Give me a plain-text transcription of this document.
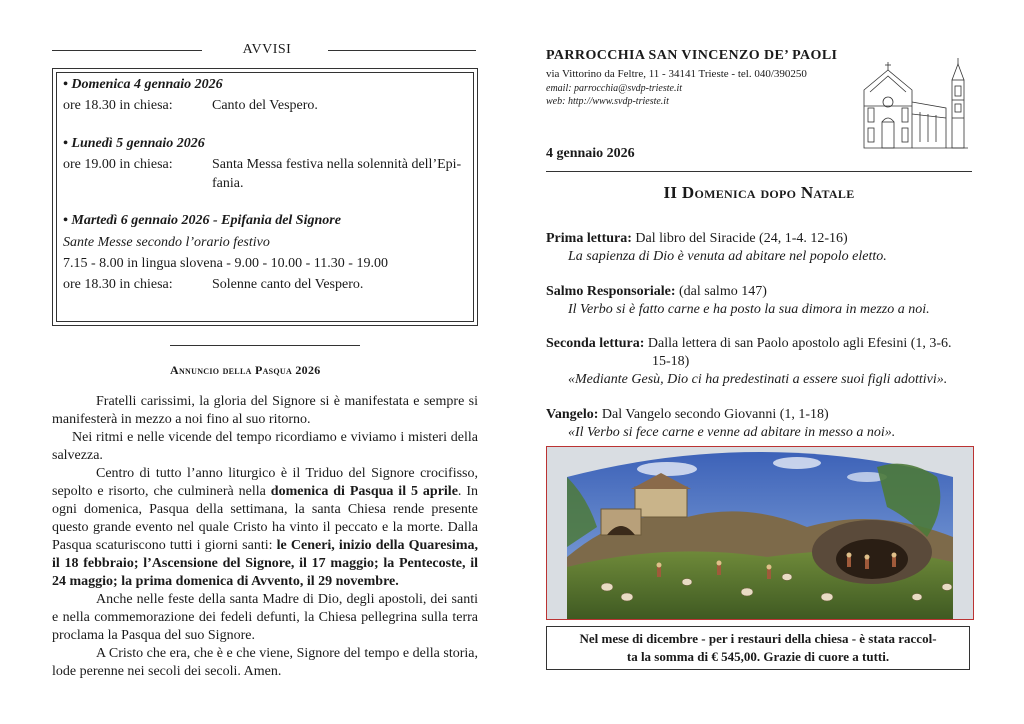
AVVISI
• Domenica 4 gennaio 2026
ore 18.30 in chiesa:	Canto del Vespero.
• Lunedì 5 gennaio 2026
ore 19.00 in chiesa:	Santa Messa festiva nella solennità dell’Epi-
fania.
• Martedì 6 gennaio 2026 - Epifania del Signore
Sante Messe secondo l’orario festivo
7.15 - 8.00 in lingua slovena - 9.00 - 10.00 - 11.30 - 19.00
ore 18.30 in chiesa:	Solenne canto del Vespero.
Annuncio della Pasqua 2026

Fratelli carissimi, la gloria del Signore si è manifestata e sempre si manifesterà in mezzo a noi fino al suo ritorno.

Nei ritmi e nelle vicende del tempo ricordiamo e viviamo i misteri della salvezza.

Centro di tutto l’anno liturgico è il Triduo del Signore crocifisso, sepolto e risorto, che culminerà nella domenica di Pasqua il 5 aprile. In ogni domenica, Pasqua della settimana, la santa Chiesa rende presente questo grande evento nel quale Cristo ha vinto il peccato e la morte. Dalla Pasqua scaturiscono tutti i giorni santi: le Ceneri, inizio della Quaresima, il 18 febbraio; l’Ascensione del Signore, il 17 maggio; la Pentecoste, il 24 maggio; la prima domenica di Avvento, il 29 novembre.

Anche nelle feste della santa Madre di Dio, degli apostoli, dei santi e nella commemorazione dei fedeli defunti, la Chiesa pellegrina sulla terra proclama la Pasqua del suo Signore.

A Cristo che era, che è e che viene, Signore del tempo e della storia, lode perenne nei secoli dei secoli. Amen.

PARROCCHIA SAN VINCENZO DE’ PAOLI
via Vittorino da Feltre, 11 - 34141 Trieste - tel. 040/390250
email: parrocchia@svdp-trieste.it
web: http://www.svdp-trieste.it
4 gennaio 2026
II Domenica dopo Natale
Prima lettura: Dal libro del Siracide (24, 1-4. 12-16)
La sapienza di Dio è venuta ad abitare nel popolo eletto.
Salmo Responsoriale: (dal salmo 147)
Il Verbo si è fatto carne e ha posto la sua dimora in mezzo a noi.
Seconda lettura: Dalla lettera di san Paolo apostolo agli Efesini (1, 3-6.
15-18)
«Mediante Gesù, Dio ci ha predestinati a essere suoi figli adottivi».
Vangelo: Dal Vangelo secondo Giovanni (1, 1-18)
«Il Verbo si fece carne e venne ad abitare in messo a noi».
Nel mese di dicembre - per i restauri della chiesa - è stata raccol-
ta la somma di € 545,00. Grazie di cuore a tutti.
